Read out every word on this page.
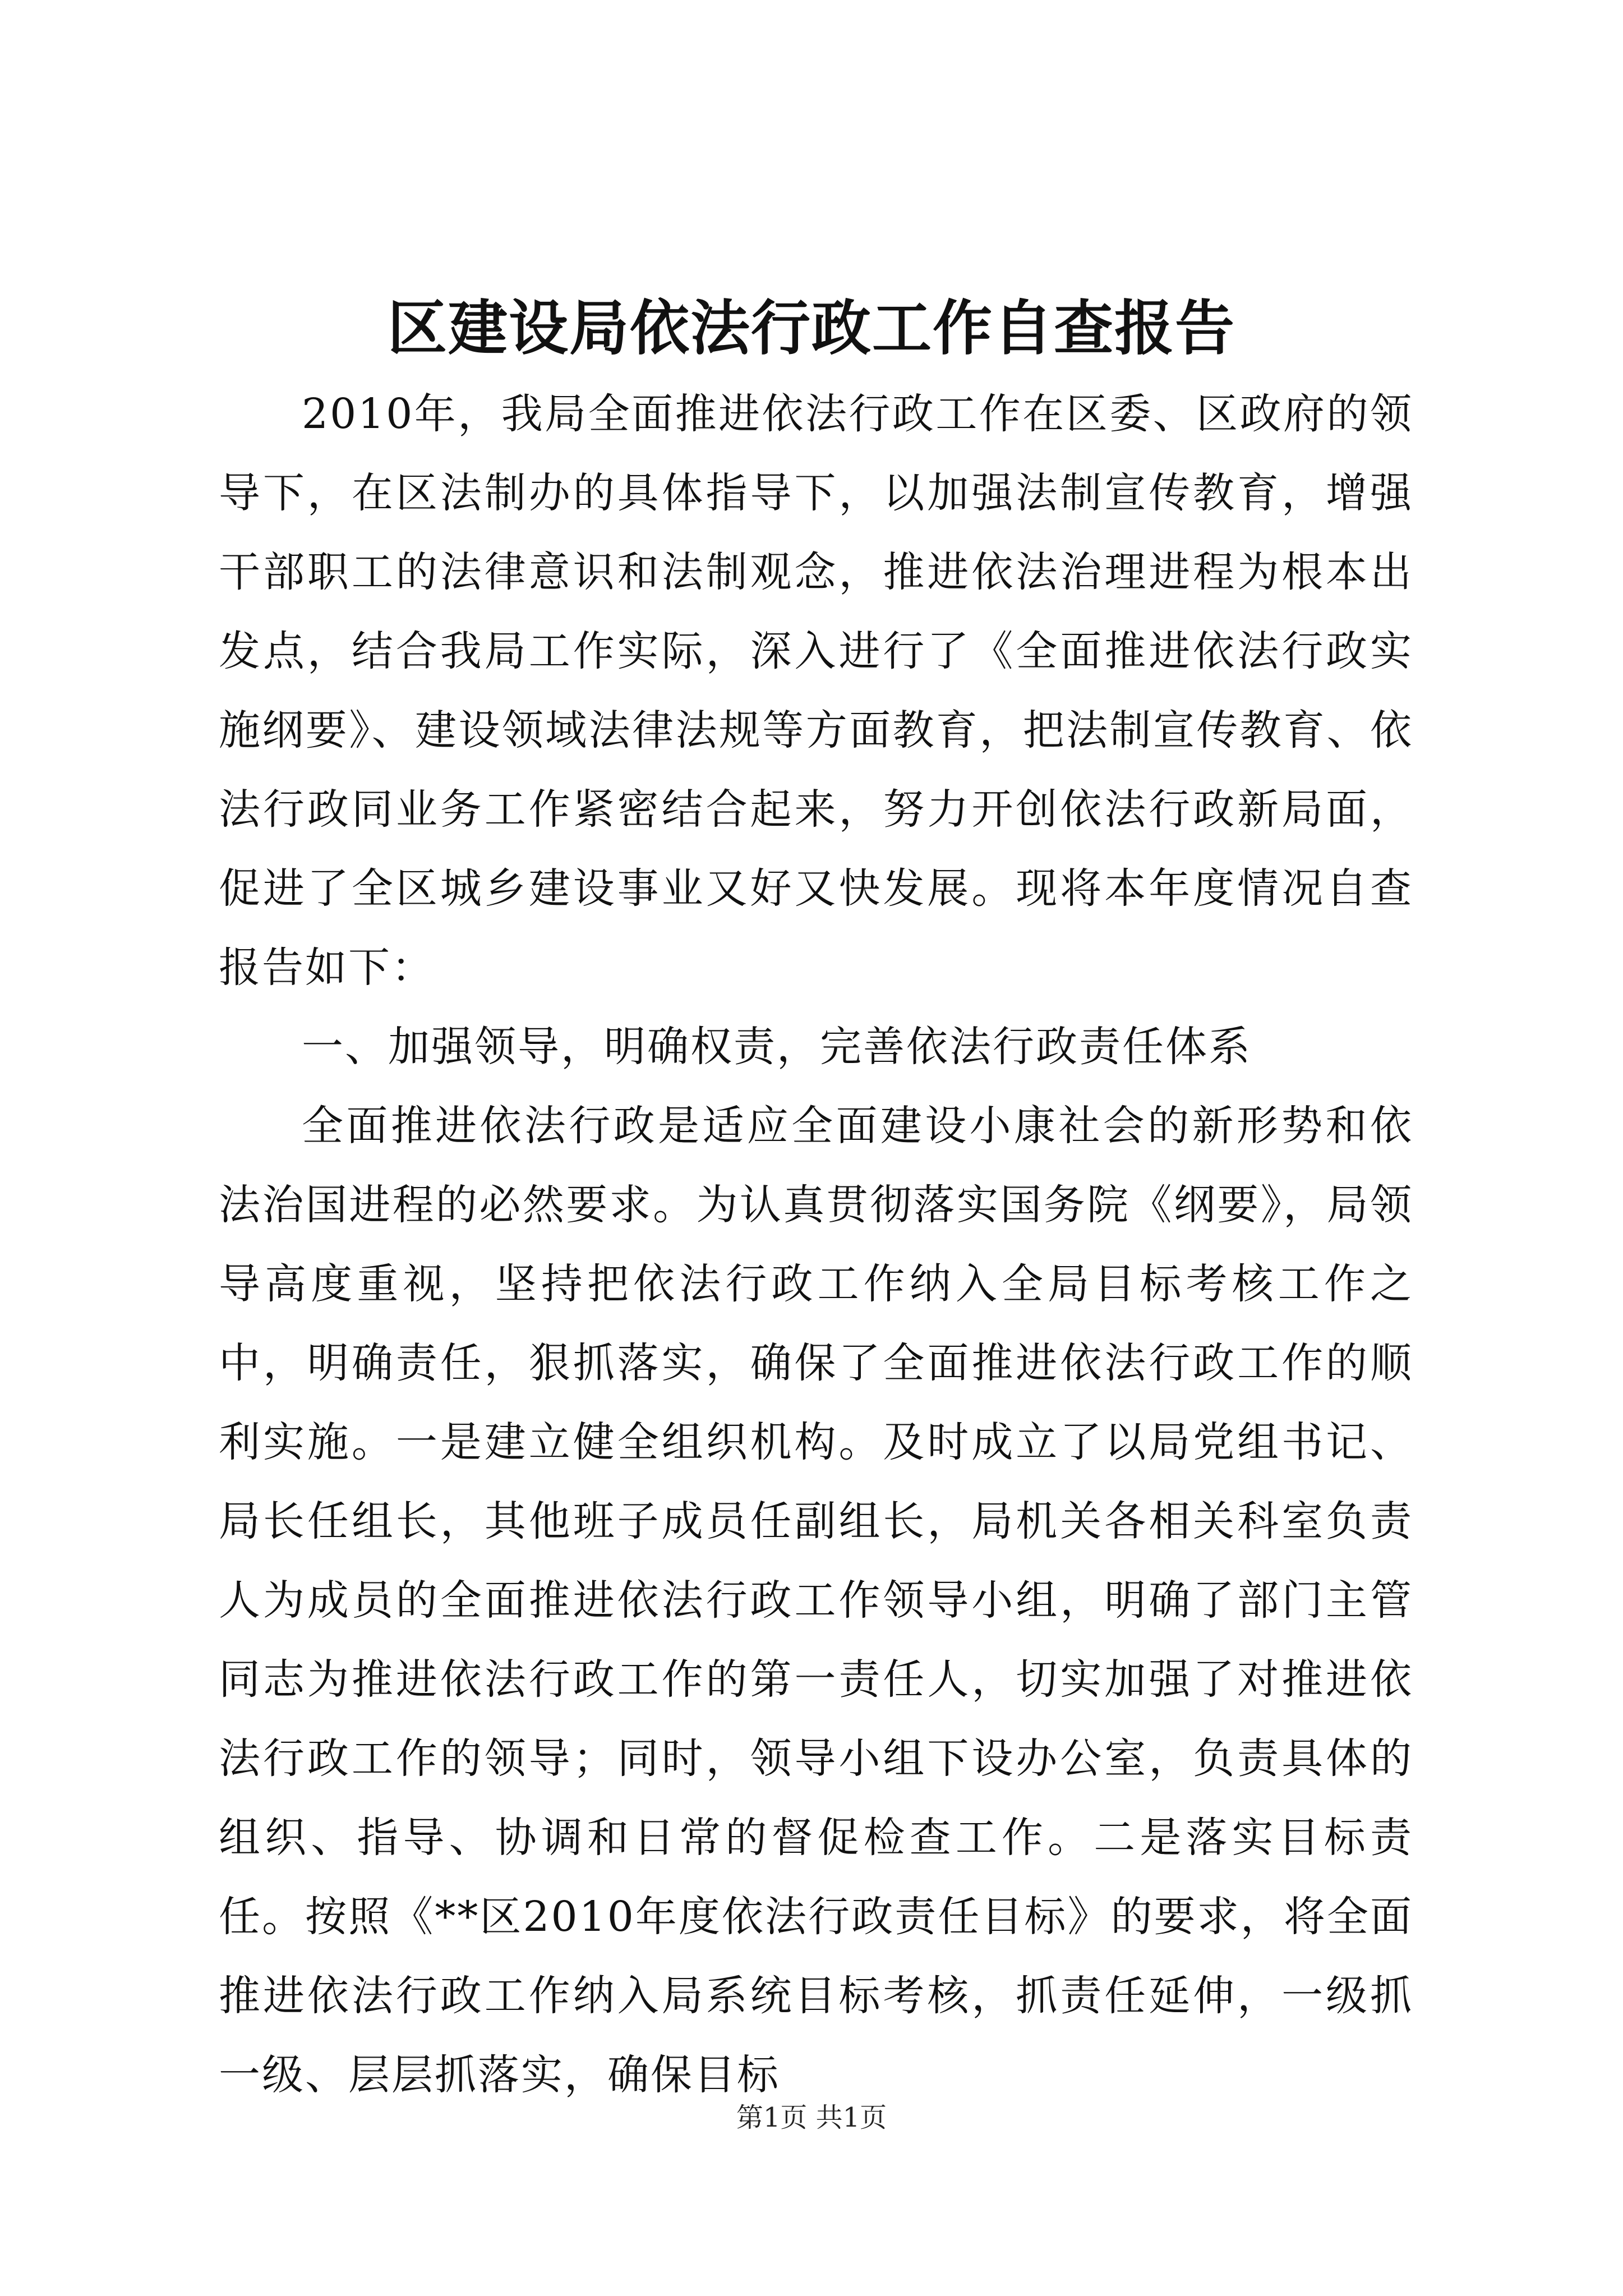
区建设局依法行政工作自查报告

2010年，我局全面推进依法行政工作在区委、区政府的领导下，在区法制办的具体指导下，以加强法制宣传教育，增强干部职工的法律意识和法制观念，推进依法治理进程为根本出发点，结合我局工作实际，深入进行了《全面推进依法行政实施纲要》、建设领域法律法规等方面教育，把法制宣传教育、依法行政同业务工作紧密结合起来，努力开创依法行政新局面，促进了全区城乡建设事业又好又快发展。现将本年度情况自查报告如下：

一、加强领导，明确权责，完善依法行政责任体系

全面推进依法行政是适应全面建设小康社会的新形势和依法治国进程的必然要求。为认真贯彻落实国务院《纲要》，局领导高度重视，坚持把依法行政工作纳入全局目标考核工作之中，明确责任，狠抓落实，确保了全面推进依法行政工作的顺利实施。一是建立健全组织机构。及时成立了以局党组书记、局长任组长，其他班子成员任副组长，局机关各相关科室负责人为成员的全面推进依法行政工作领导小组，明确了部门主管同志为推进依法行政工作的第一责任人，切实加强了对推进依法行政工作的领导；同时，领导小组下设办公室，负责具体的组织、指导、协调和日常的督促检查工作。二是落实目标责任。按照《**区2010年度依法行政责任目标》的要求，将全面推进依法行政工作纳入局系统目标考核，抓责任延伸，一级抓一级、层层抓落实，确保目标

第1页 共1页
